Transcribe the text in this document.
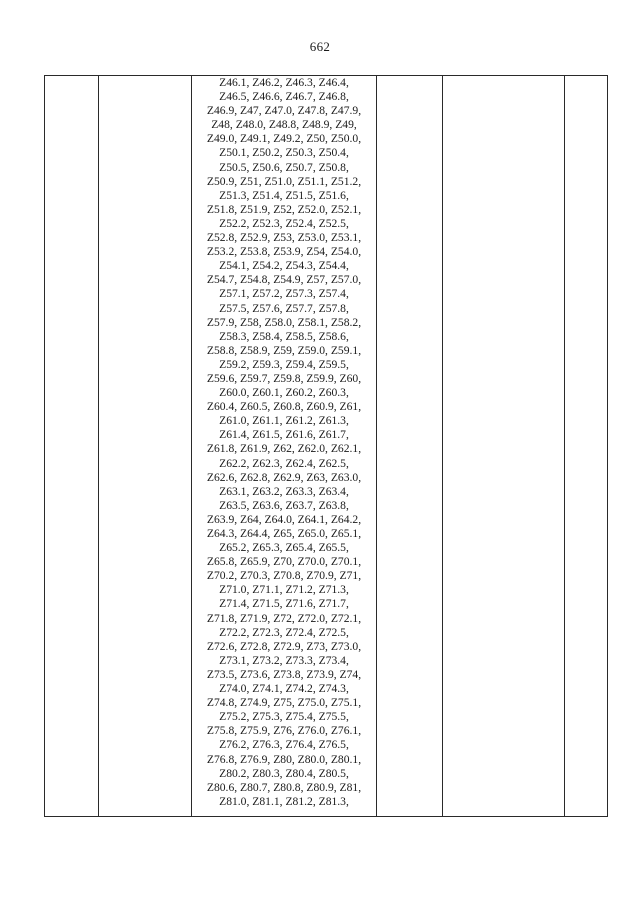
662

Z46.1, Z46.2, Z46.3, Z46.4,
Z46.5, Z46.6, Z46.7, Z46.8,
Z46.9, Z47, Z47.0, Z47.8, Z47.9,
Z48, Z48.0, Z48.8, Z48.9, Z49,
Z49.0, Z49.1, Z49.2, Z50, Z50.0,
Z50.1, Z50.2, Z50.3, Z50.4,
Z50.5, Z50.6, Z50.7, Z50.8,
Z50.9, Z51, Z51.0, Z51.1, Z51.2,
Z51.3, Z51.4, Z51.5, Z51.6,
Z51.8, Z51.9, Z52, Z52.0, Z52.1,
Z52.2, Z52.3, Z52.4, Z52.5,
Z52.8, Z52.9, Z53, Z53.0, Z53.1,
Z53.2, Z53.8, Z53.9, Z54, Z54.0,
Z54.1, Z54.2, Z54.3, Z54.4,
Z54.7, Z54.8, Z54.9, Z57, Z57.0,
Z57.1, Z57.2, Z57.3, Z57.4,
Z57.5, Z57.6, Z57.7, Z57.8,
Z57.9, Z58, Z58.0, Z58.1, Z58.2,
Z58.3, Z58.4, Z58.5, Z58.6,
Z58.8, Z58.9, Z59, Z59.0, Z59.1,
Z59.2, Z59.3, Z59.4, Z59.5,
Z59.6, Z59.7, Z59.8, Z59.9, Z60,
Z60.0, Z60.1, Z60.2, Z60.3,
Z60.4, Z60.5, Z60.8, Z60.9, Z61,
Z61.0, Z61.1, Z61.2, Z61.3,
Z61.4, Z61.5, Z61.6, Z61.7,
Z61.8, Z61.9, Z62, Z62.0, Z62.1,
Z62.2, Z62.3, Z62.4, Z62.5,
Z62.6, Z62.8, Z62.9, Z63, Z63.0,
Z63.1, Z63.2, Z63.3, Z63.4,
Z63.5, Z63.6, Z63.7, Z63.8,
Z63.9, Z64, Z64.0, Z64.1, Z64.2,
Z64.3, Z64.4, Z65, Z65.0, Z65.1,
Z65.2, Z65.3, Z65.4, Z65.5,
Z65.8, Z65.9, Z70, Z70.0, Z70.1,
Z70.2, Z70.3, Z70.8, Z70.9, Z71,
Z71.0, Z71.1, Z71.2, Z71.3,
Z71.4, Z71.5, Z71.6, Z71.7,
Z71.8, Z71.9, Z72, Z72.0, Z72.1,
Z72.2, Z72.3, Z72.4, Z72.5,
Z72.6, Z72.8, Z72.9, Z73, Z73.0,
Z73.1, Z73.2, Z73.3, Z73.4,
Z73.5, Z73.6, Z73.8, Z73.9, Z74,
Z74.0, Z74.1, Z74.2, Z74.3,
Z74.8, Z74.9, Z75, Z75.0, Z75.1,
Z75.2, Z75.3, Z75.4, Z75.5,
Z75.8, Z75.9, Z76, Z76.0, Z76.1,
Z76.2, Z76.3, Z76.4, Z76.5,
Z76.8, Z76.9, Z80, Z80.0, Z80.1,
Z80.2, Z80.3, Z80.4, Z80.5,
Z80.6, Z80.7, Z80.8, Z80.9, Z81,
Z81.0, Z81.1, Z81.2, Z81.3,
